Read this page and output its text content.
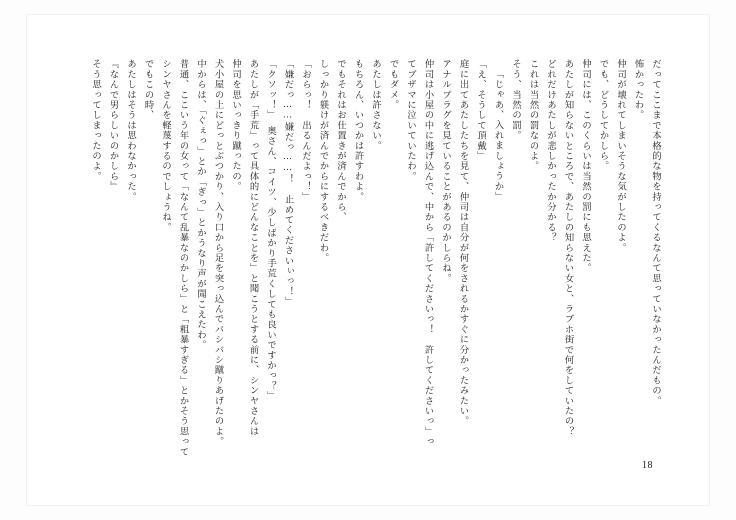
だってここまで本格的な物を持ってくるなんて思っていなかったんだもの。
怖かったわ。
仲司が壊れてしまいそうな気がしたのよ。
でも、どうしてかしら。
仲司には、このくらいは当然の罰にも思えた。
あたしが知らないところで、あたしの知らない女と、ラブホ街で何をしていたの？
どれだけあたしが悲しかったか分かる？
これは当然の罰なのよ。
そう、当然の罰。
「じゃあ、入れましょうか」
「え、そうして頂戴」
庭に出てあたしたちを見て、仲司は自分が何をされるかすぐに分かったみたい。
アナルプラグを見ていることがあるのかしらね。
仲司は小屋の中に逃げ込んで、中から「許してくださいっ！　許してくださいっ」っ
てブザマに泣いていたわ。
でもダメ。
あたしは許さない。
もちろん、いつかは許すわよ。
でもそれはお仕置きが済んでから、
しっかり躾けが済んでからにするべきだわ。
「おらっ！　出るんだよっ！」
「嫌だっ……嫌だっ……！　止めてくださいぃっ！」
「クソッ！」　奥さん、コイツ、少しばかり手荒くしても良いですかっ？」
あたしが「手荒」って具体的にどんなことを」と聞こうとする前に、シンヤさんは
仲司を思いっきり蹴ったの。
犬小屋の上にどっとぶつかり、入り口から足を突っ込んでバシバシ蹴りあげたのよ。
中からは、「ぐぇっ」とか「ぎっ」とかうなり声が聞こえたわ。
普通、ここいう年の女って「なんて乱暴なのかしら」と「粗暴すぎる」とかそう思って
シンヤさんを軽蔑するのでしょうね。
でもこの時、
あたしはそうは思わなかった。
『なんで男らしいのかしら』
そう思ってしまったのよ。
18
